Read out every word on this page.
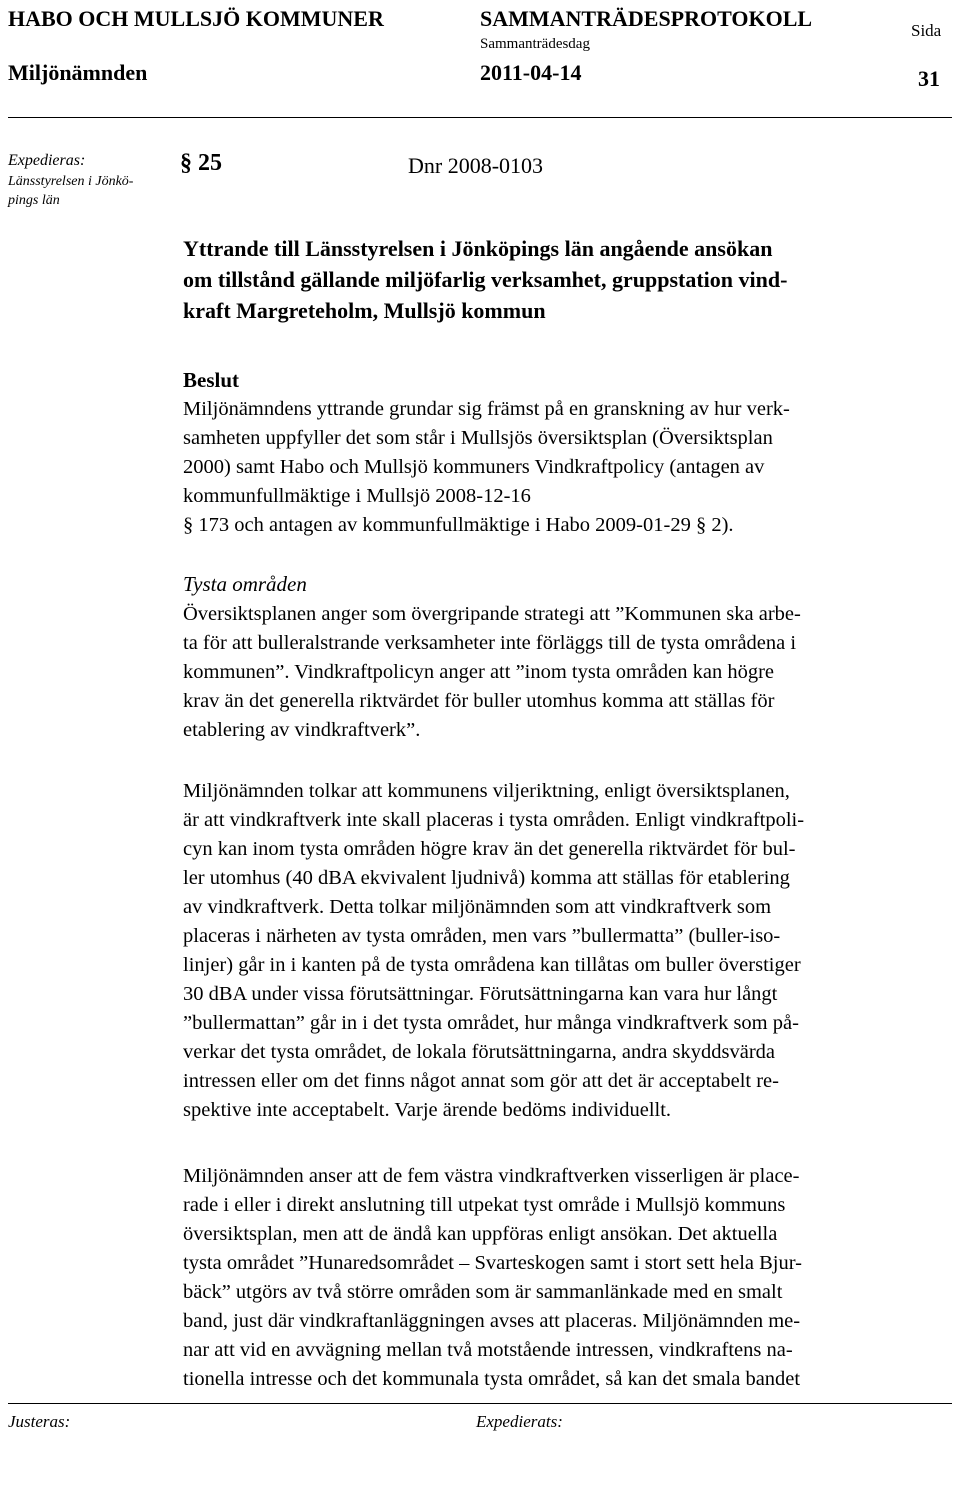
HABO OCH MULLSJÖ KOMMUNER	SAMMANTRÄDESPROTOKOLL	Sida
Sammanträdesdag
Miljönämnden	2011-04-14	31
Expedieras:
Länsstyrelsen i Jönkö-
pings län
§ 25	Dnr 2008-0103
Yttrande till Länsstyrelsen i Jönköpings län angående ansökan
om tillstånd gällande miljöfarlig verksamhet, gruppstation vind-
kraft Margreteholm, Mullsjö kommun
Beslut
Miljönämndens yttrande grundar sig främst på en granskning av hur verk-
samheten uppfyller det som står i Mullsjös översiktsplan (Översiktsplan
2000) samt Habo och Mullsjö kommuners Vindkraftpolicy (antagen av
kommunfullmäktige i Mullsjö 2008-12-16
§ 173 och antagen av kommunfullmäktige i Habo 2009-01-29 § 2).
Tysta områden
Översiktsplanen anger som övergripande strategi att ”Kommunen ska arbe-
ta för att bulleralstrande verksamheter inte förläggs till de tysta områdena i
kommunen”. Vindkraftpolicyn anger att ”inom tysta områden kan högre
krav än det generella riktvärdet för buller utomhus komma att ställas för
etablering av vindkraftverk”.
Miljönämnden tolkar att kommunens viljeriktning, enligt översiktsplanen,
är att vindkraftverk inte skall placeras i tysta områden. Enligt vindkraftpoli-
cyn kan inom tysta områden högre krav än det generella riktvärdet för bul-
ler utomhus (40 dBA ekvivalent ljudnivå) komma att ställas för etablering
av vindkraftverk. Detta tolkar miljönämnden som att vindkraftverk som
placeras i närheten av tysta områden, men vars ”bullermatta” (buller-iso-
linjer) går in i kanten på de tysta områdena kan tillåtas om buller överstiger
30 dBA under vissa förutsättningar. Förutsättningarna kan vara hur långt
”bullermattan” går in i det tysta området, hur många vindkraftverk som på-
verkar det tysta området, de lokala förutsättningarna, andra skyddsvärda
intressen eller om det finns något annat som gör att det är acceptabelt re-
spektive inte acceptabelt. Varje ärende bedöms individuellt.
Miljönämnden anser att de fem västra vindkraftverken visserligen är place-
rade i eller i direkt anslutning till utpekat tyst område i Mullsjö kommuns
översiktsplan, men att de ändå kan uppföras enligt ansökan. Det aktuella
tysta området ”Hunaredsområdet – Svarteskogen samt i stort sett hela Bjur-
bäck” utgörs av två större områden som är sammanlänkade med en smalt
band, just där vindkraftanläggningen avses att placeras. Miljönämnden me-
nar att vid en avvägning mellan två motstående intressen, vindkraftens na-
tionella intresse och det kommunala tysta området, så kan det smala bandet
Justeras:	Expedierats:
